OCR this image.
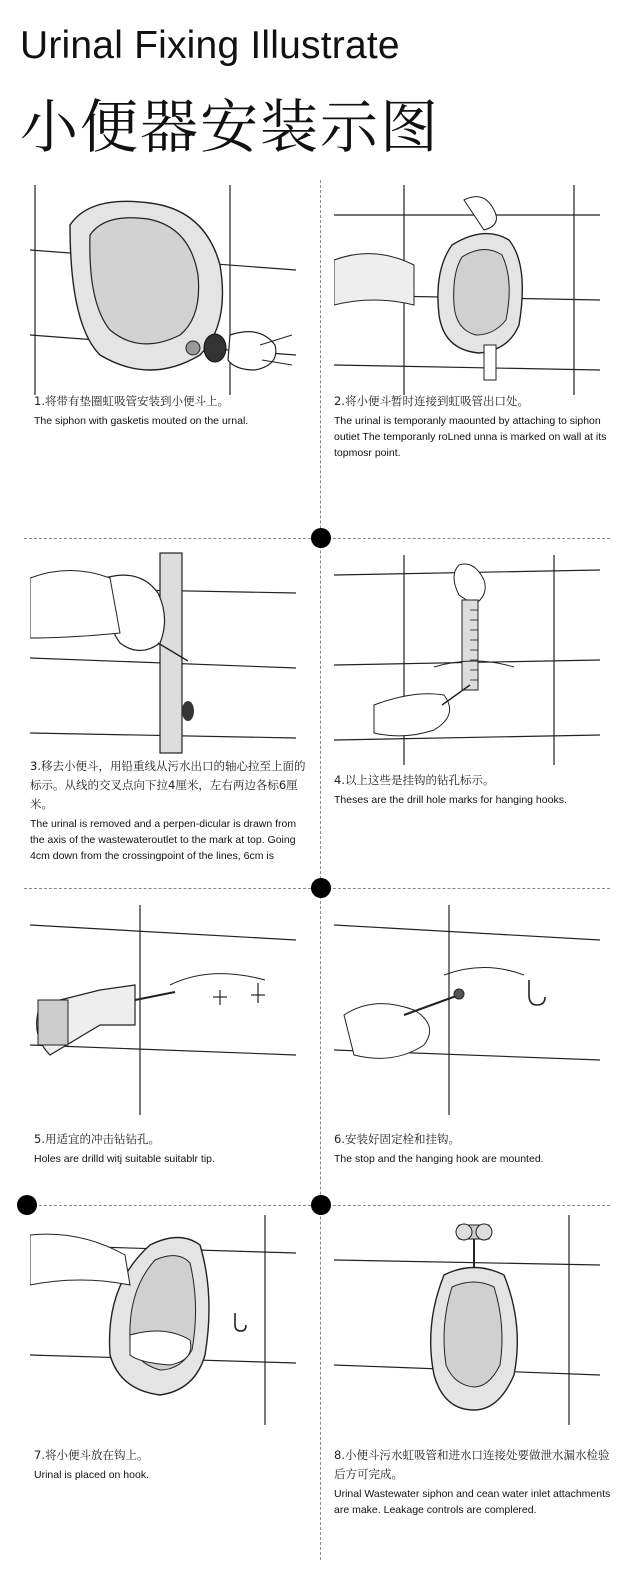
Urinal Fixing Illustrate
小便器安装示图

1.将带有垫圈虹吸管安装到小便斗上。

The siphon with gasketis mouted on the urnal.

2.将小便斗暂时连接到虹吸管出口处。

The urinal is temporanly maounted by attaching to siphon outiet The temporanly roLned unna is marked on wall at its topmosr point.

3.移去小便斗，用铅重线从污水出口的轴心拉至上面的标示。从线的交叉点向下拉4厘米，左右两边各标6厘米。

The urinal is removed and a perpen-dicular is drawn from the axis of the wastewateroutlet to the mark at top. Going 4cm down from the crossingpoint of the lines, 6cm is

4.以上这些是挂钩的钻孔标示。

Theses are the drill hole marks for hanging hooks.

5.用适宜的冲击钻钻孔。

Holes are drilld witj suitable suitablr tip.

6.安装好固定栓和挂钩。

The stop and the hanging hook are mounted.

7.将小便斗放在钩上。

Urinal is placed on hook.

8.小便斗污水虹吸管和进水口连接处要做泄水漏水检验后方可完成。

Urinal Wastewater siphon and cean water inlet attachments are make. Leakage controls are complered.
